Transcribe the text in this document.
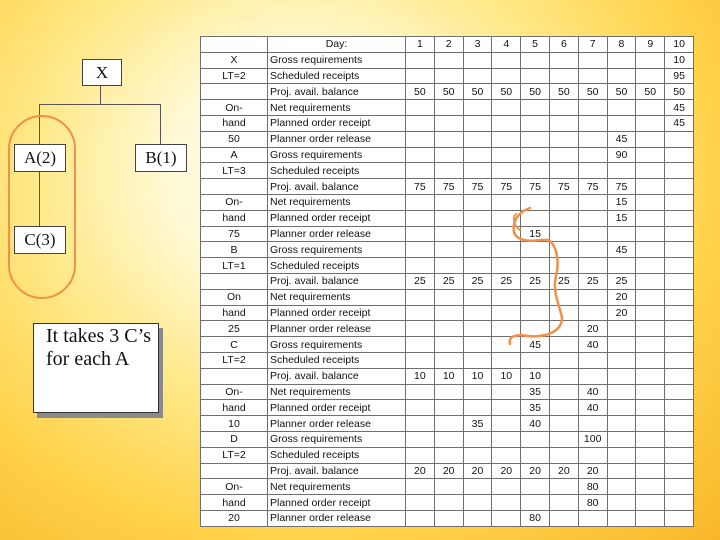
X
A(2)	B(1)
C(3)
It takes 3 C’s for each A
	Day:	1	2	3	4	5	6	7	8	9	10
X	Gross requirements										10
LT=2	Scheduled receipts										95
	Proj. avail. balance	50	50	50	50	50	50	50	50	50	50
On-	Net requirements										45
hand	Planned order receipt										45
50	Planner order release								45		
A	Gross requirements								90		
LT=3	Scheduled receipts										
	Proj. avail. balance	75	75	75	75	75	75	75	75		
On-	Net requirements								15		
hand	Planned order receipt								15		
75	Planner order release					15					
B	Gross requirements								45		
LT=1	Scheduled receipts										
	Proj. avail. balance	25	25	25	25	25	25	25	25		
On	Net requirements								20		
hand	Planned order receipt								20		
25	Planner order release							20			
C	Gross requirements					45		40			
LT=2	Scheduled receipts										
	Proj. avail. balance	10	10	10	10	10					
On-	Net requirements					35		40			
hand	Planned order receipt					35		40			
10	Planner order release			35		40					
D	Gross requirements							100			
LT=2	Scheduled receipts										
	Proj. avail. balance	20	20	20	20	20	20	20			
On-	Net requirements							80			
hand	Planned order receipt							80			
20	Planner order release					80					
